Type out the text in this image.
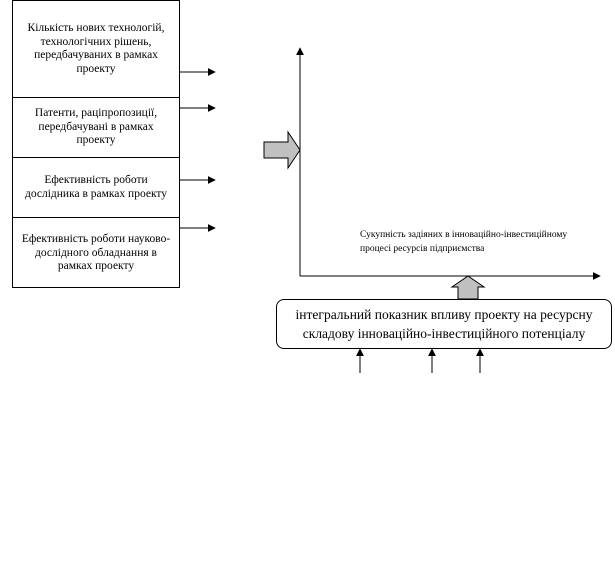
Кількість нових технологій, технологічних рішень, передбачуваних в рамках проекту
Патенти, раціпропозиції, передбачувані в рамках проекту
Ефективність роботи дослідника в рамках проекту
Ефективність роботи науково-дослідного обладнання в рамках проекту
Сукупність задіяних в інноваційно-інвестиційному процесі ресурсів підприємства
інтегральний показник впливу проекту на ресурсну складову інноваційно-інвестиційного потенціалу
